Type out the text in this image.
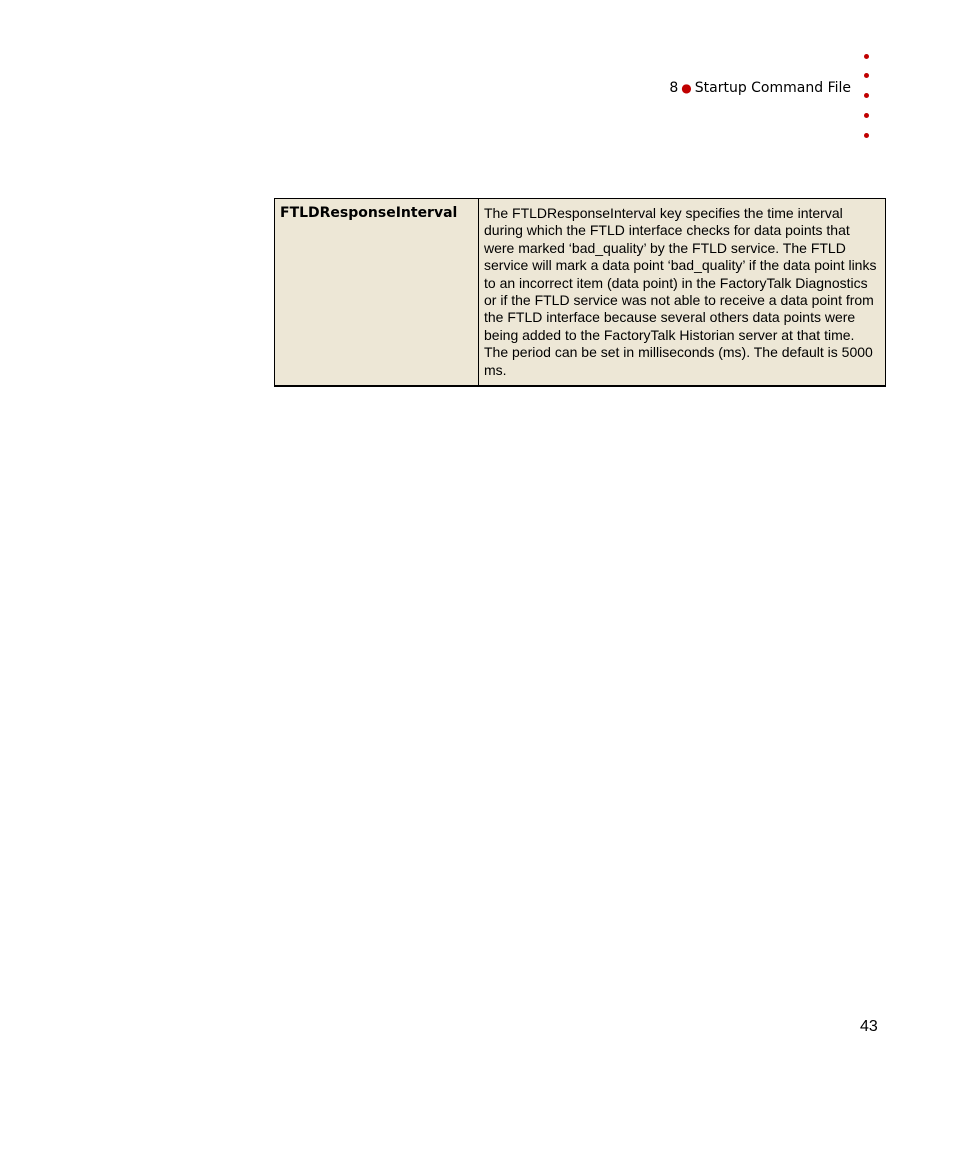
8 ● Startup Command File
FTLDResponseInterval	The FTLDResponseInterval key specifies the time interval during which the FTLD interface checks for data points that were marked ‘bad_quality’ by the FTLD service. The FTLD service will mark a data point ‘bad_quality’ if the data point links to an incorrect item (data point) in the FactoryTalk Diagnostics or if the FTLD service was not able to receive a data point from the FTLD interface because several others data points were being added to the FactoryTalk Historian server at that time. The period can be set in milliseconds (ms). The default is 5000 ms.
43
